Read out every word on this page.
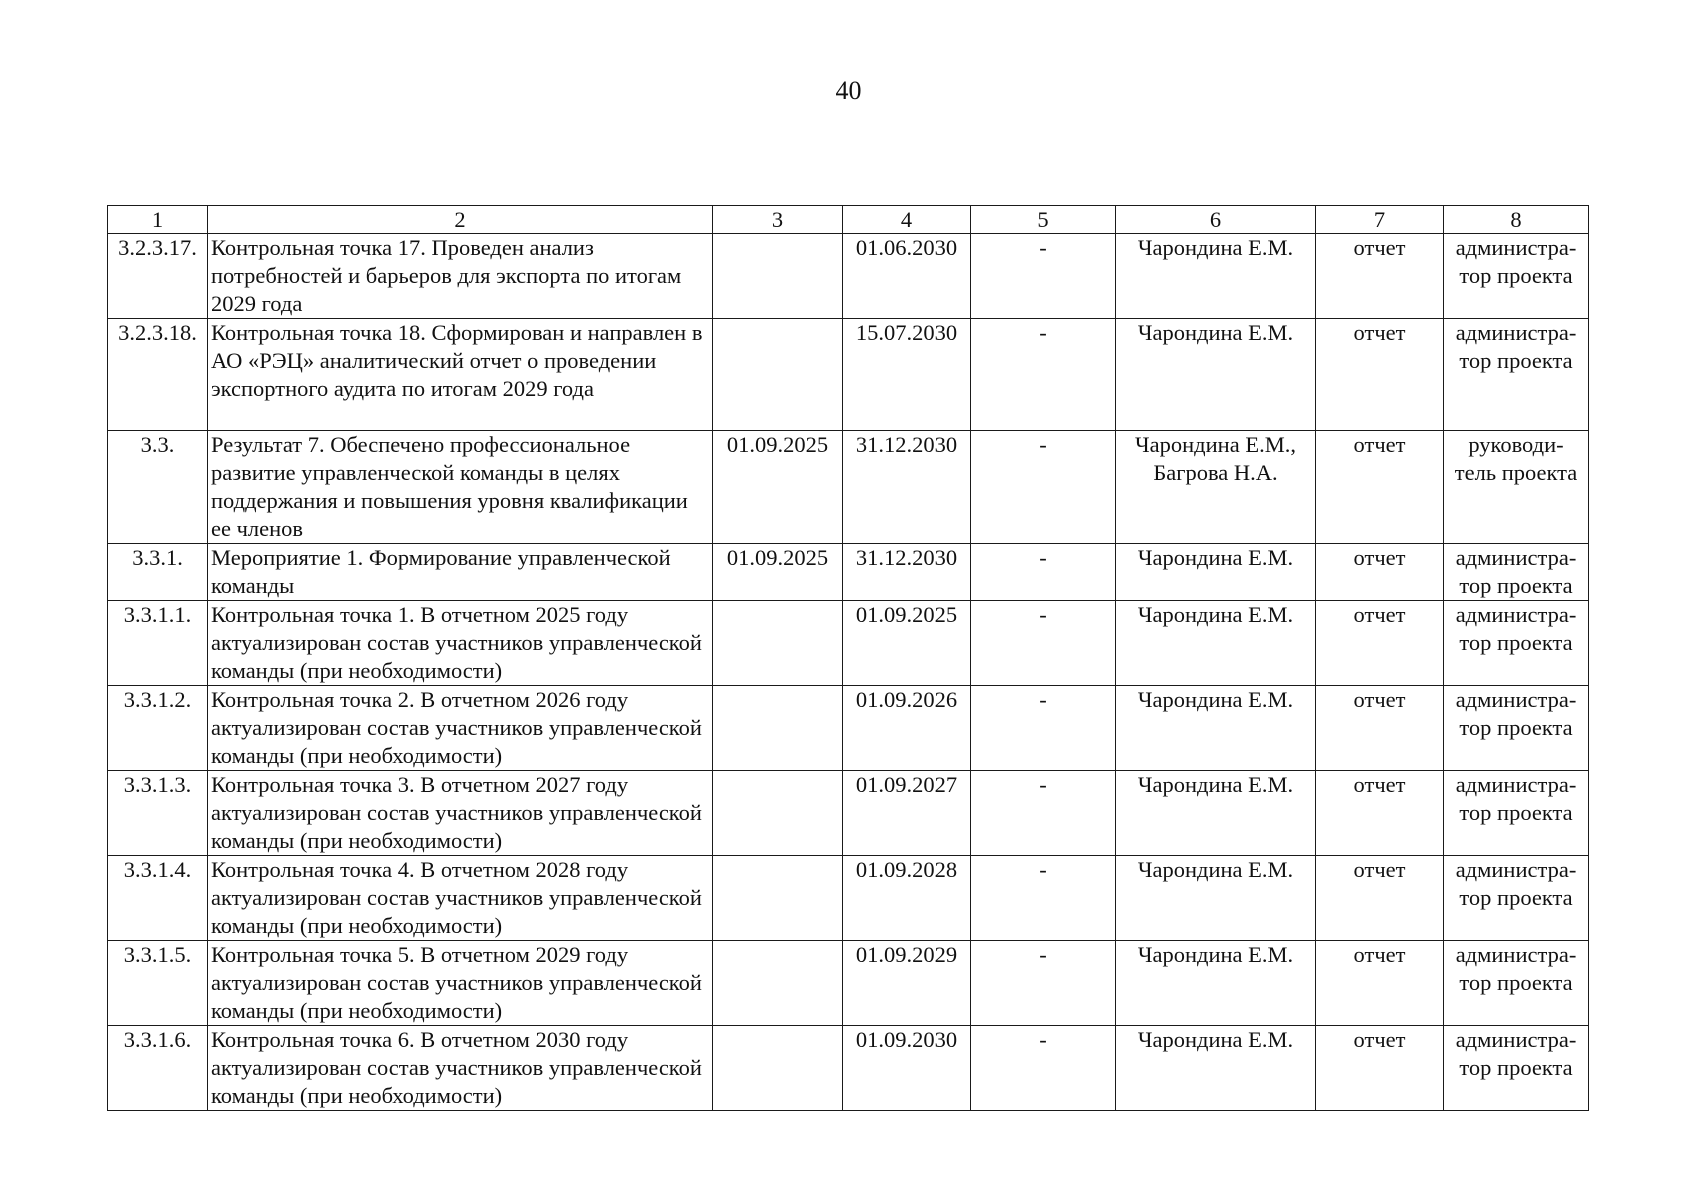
40
1	2	3	4	5	6	7	8
3.2.3.17.	Контрольная точка 17. Проведен анализ потребностей и барьеров для экспорта по итогам 2029 года		01.06.2030	-	Чарондина Е.М.	отчет	администра-
тор проекта

3.2.3.18.	Контрольная точка 18. Сформирован и направлен в АО «РЭЦ» аналитический отчет о проведении экспортного аудита по итогам 2029 года		15.07.2030	-	Чарондина Е.М.	отчет	администра-
тор проекта

3.3.	Результат 7. Обеспечено профессиональное развитие управленческой команды в целях поддержания и повышения уровня квалификации ее членов	01.09.2025	31.12.2030	-	Чарондина Е.М.,
Багрова Н.А.	отчет	руководи-
тель проекта

3.3.1.	Мероприятие 1. Формирование управленческой команды	01.09.2025	31.12.2030	-	Чарондина Е.М.	отчет	администра-
тор проекта

3.3.1.1.	Контрольная точка 1. В отчетном 2025 году актуализирован состав участников управленческой команды (при необходимости)		01.09.2025	-	Чарондина Е.М.	отчет	администра-
тор проекта

3.3.1.2.	Контрольная точка 2. В отчетном 2026 году актуализирован состав участников управленческой команды (при необходимости)		01.09.2026	-	Чарондина Е.М.	отчет	администра-
тор проекта

3.3.1.3.	Контрольная точка 3. В отчетном 2027 году актуализирован состав участников управленческой команды (при необходимости)		01.09.2027	-	Чарондина Е.М.	отчет	администра-
тор проекта

3.3.1.4.	Контрольная точка 4. В отчетном 2028 году актуализирован состав участников управленческой команды (при необходимости)		01.09.2028	-	Чарондина Е.М.	отчет	администра-
тор проекта

3.3.1.5.	Контрольная точка 5. В отчетном 2029 году актуализирован состав участников управленческой команды (при необходимости)		01.09.2029	-	Чарондина Е.М.	отчет	администра-
тор проекта

3.3.1.6.	Контрольная точка 6. В отчетном 2030 году актуализирован состав участников управленческой команды (при необходимости)		01.09.2030	-	Чарондина Е.М.	отчет	администра-
тор проекта
